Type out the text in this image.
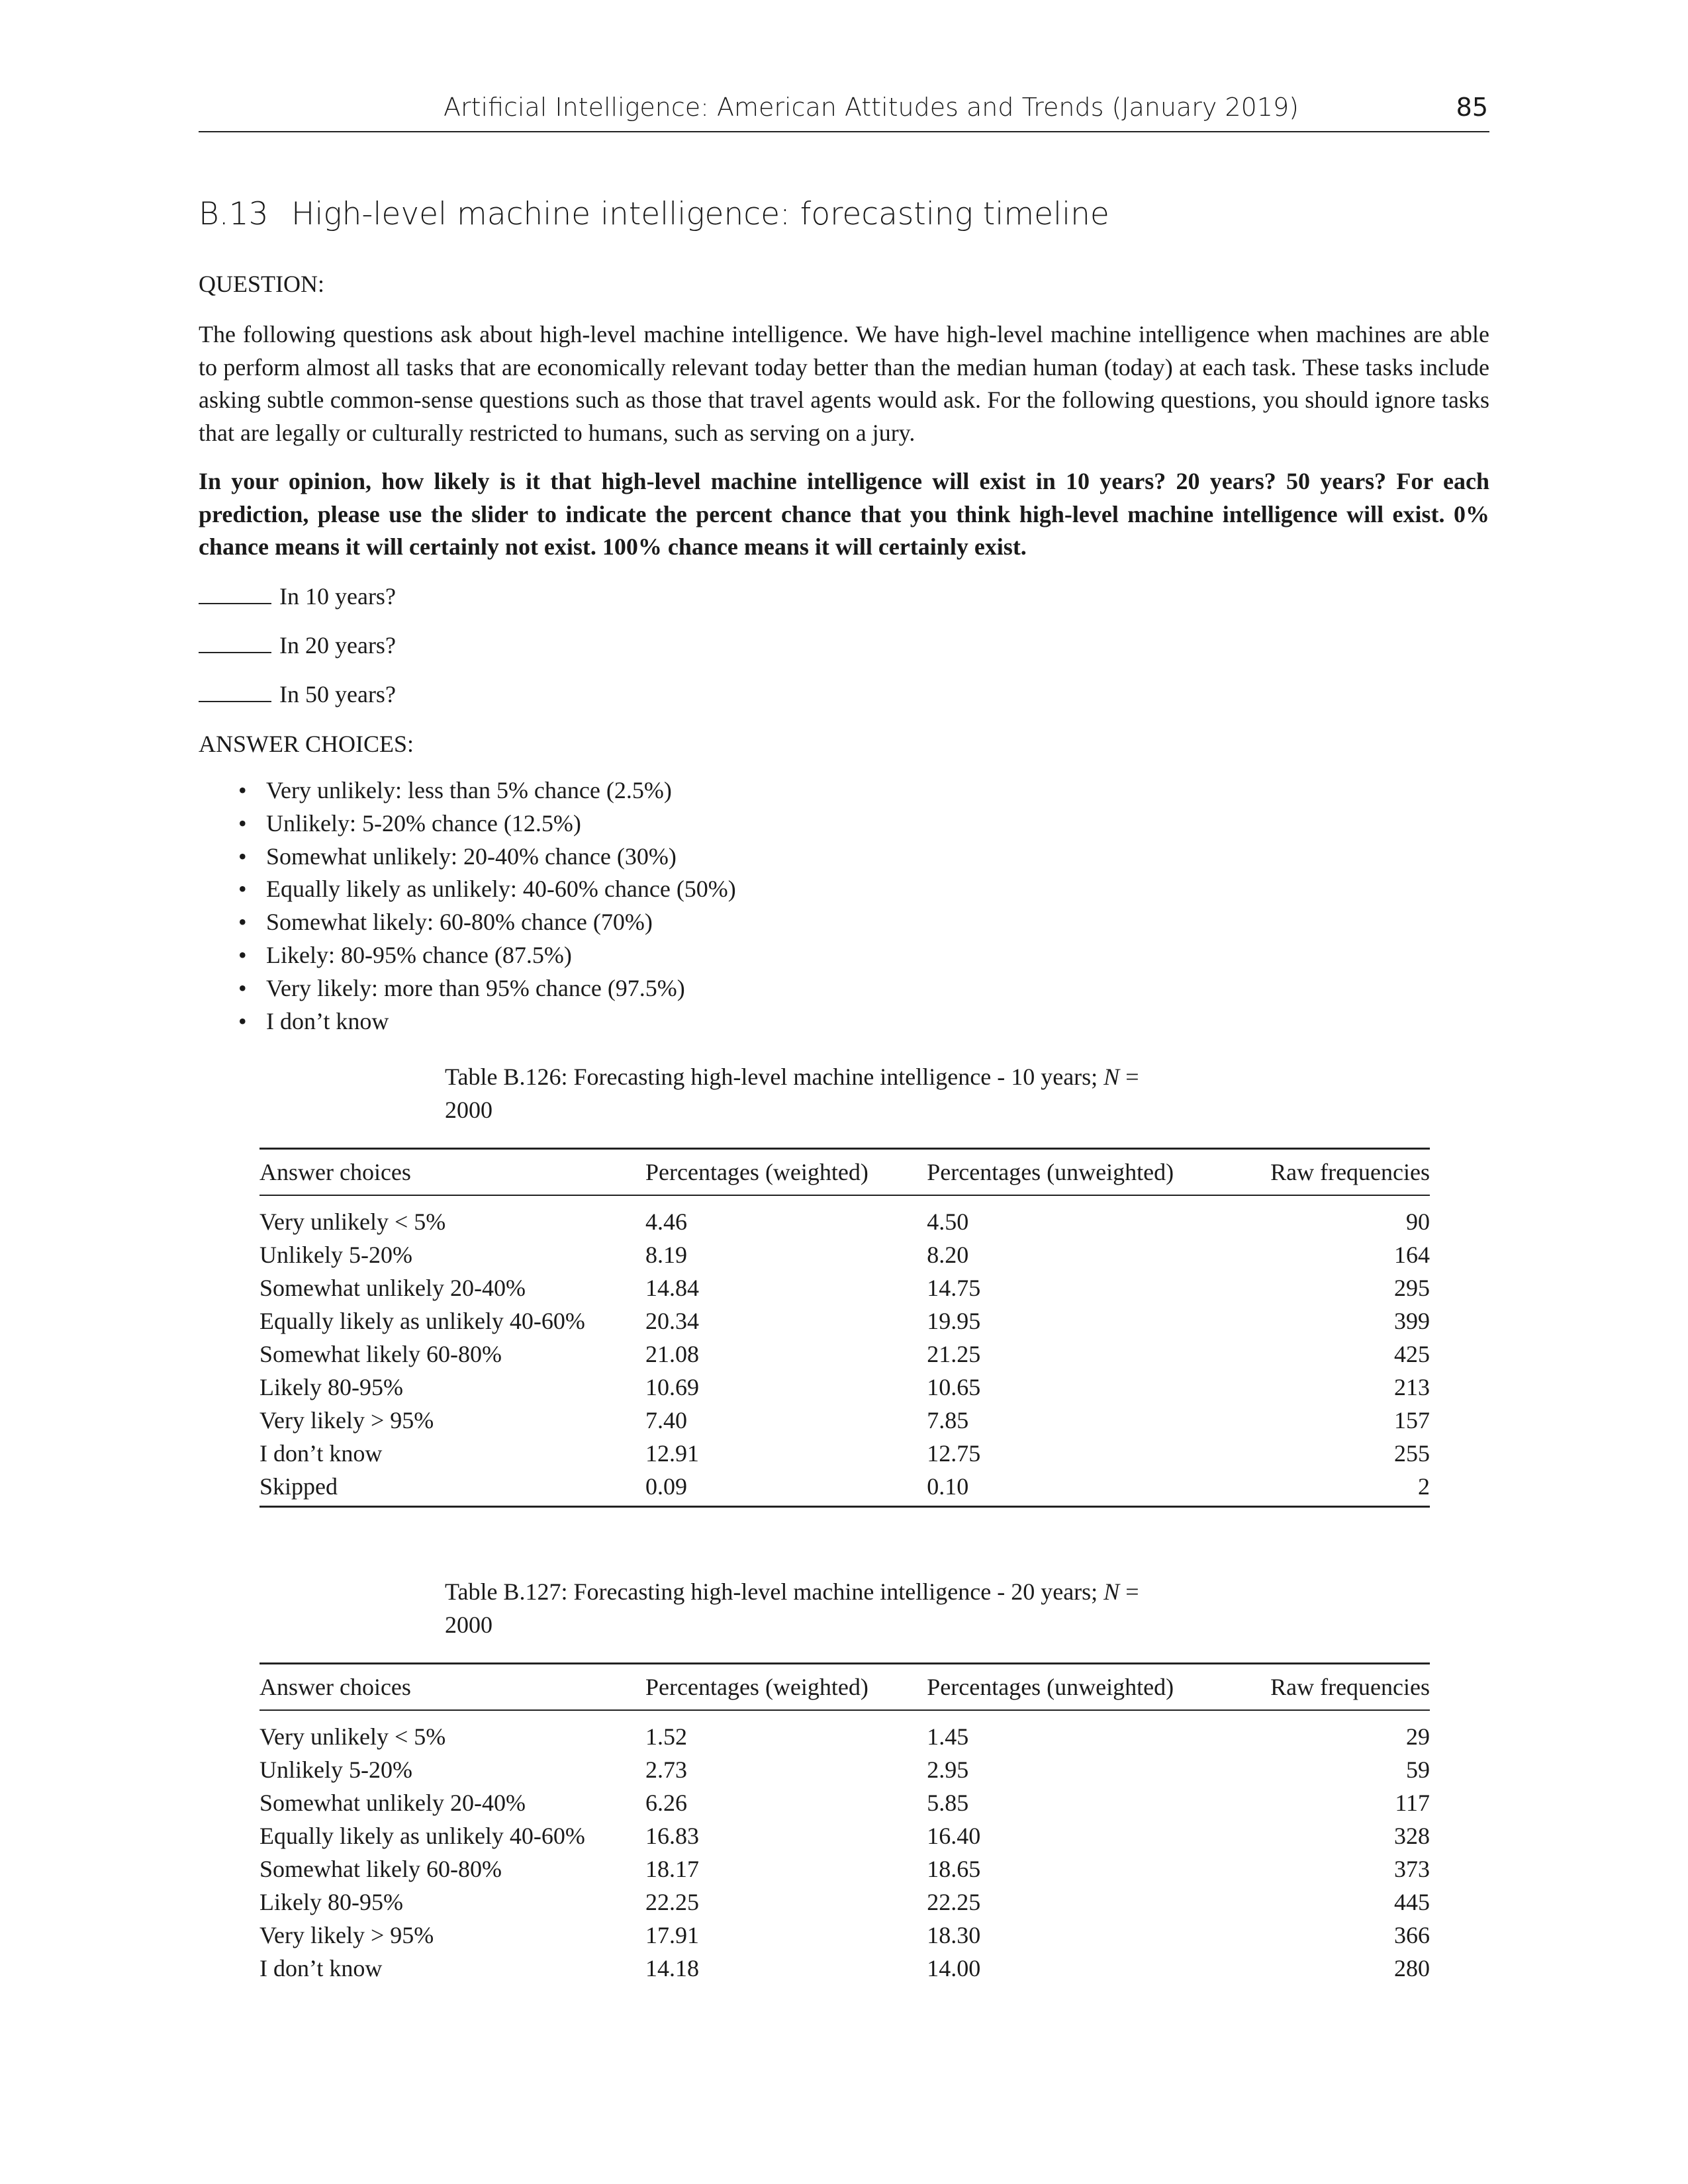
Artificial Intelligence: American Attitudes and Trends (January 2019)	85
B.13 High-level machine intelligence: forecasting timeline
QUESTION:
The following questions ask about high-level machine intelligence. We have high-level machine intelligence when machines are able to perform almost all tasks that are economically relevant today better than the median human (today) at each task. These tasks include asking subtle common-sense questions such as those that travel agents would ask. For the following questions, you should ignore tasks that are legally or culturally restricted to humans, such as serving on a jury.
In your opinion, how likely is it that high-level machine intelligence will exist in 10 years? 20 years? 50 years? For each prediction, please use the slider to indicate the percent chance that you think high-level machine intelligence will exist. 0% chance means it will certainly not exist. 100% chance means it will certainly exist.
In 10 years?
In 20 years?
In 50 years?
ANSWER CHOICES:
• Very unlikely: less than 5% chance (2.5%)
• Unlikely: 5-20% chance (12.5%)
• Somewhat unlikely: 20-40% chance (30%)
• Equally likely as unlikely: 40-60% chance (50%)
• Somewhat likely: 60-80% chance (70%)
• Likely: 80-95% chance (87.5%)
• Very likely: more than 95% chance (97.5%)
• I don’t know
Table B.126: Forecasting high-level machine intelligence - 10 years; N =
2000
Answer choices	Percentages (weighted)	Percentages (unweighted)	Raw frequencies
Very unlikely < 5%	4.46	4.50	90
Unlikely 5-20%	8.19	8.20	164
Somewhat unlikely 20-40%	14.84	14.75	295
Equally likely as unlikely 40-60%	20.34	19.95	399
Somewhat likely 60-80%	21.08	21.25	425
Likely 80-95%	10.69	10.65	213
Very likely > 95%	7.40	7.85	157
I don’t know	12.91	12.75	255
Skipped	0.09	0.10	2
Table B.127: Forecasting high-level machine intelligence - 20 years; N =
2000
Answer choices	Percentages (weighted)	Percentages (unweighted)	Raw frequencies
Very unlikely < 5%	1.52	1.45	29
Unlikely 5-20%	2.73	2.95	59
Somewhat unlikely 20-40%	6.26	5.85	117
Equally likely as unlikely 40-60%	16.83	16.40	328
Somewhat likely 60-80%	18.17	18.65	373
Likely 80-95%	22.25	22.25	445
Very likely > 95%	17.91	18.30	366
I don’t know	14.18	14.00	280
